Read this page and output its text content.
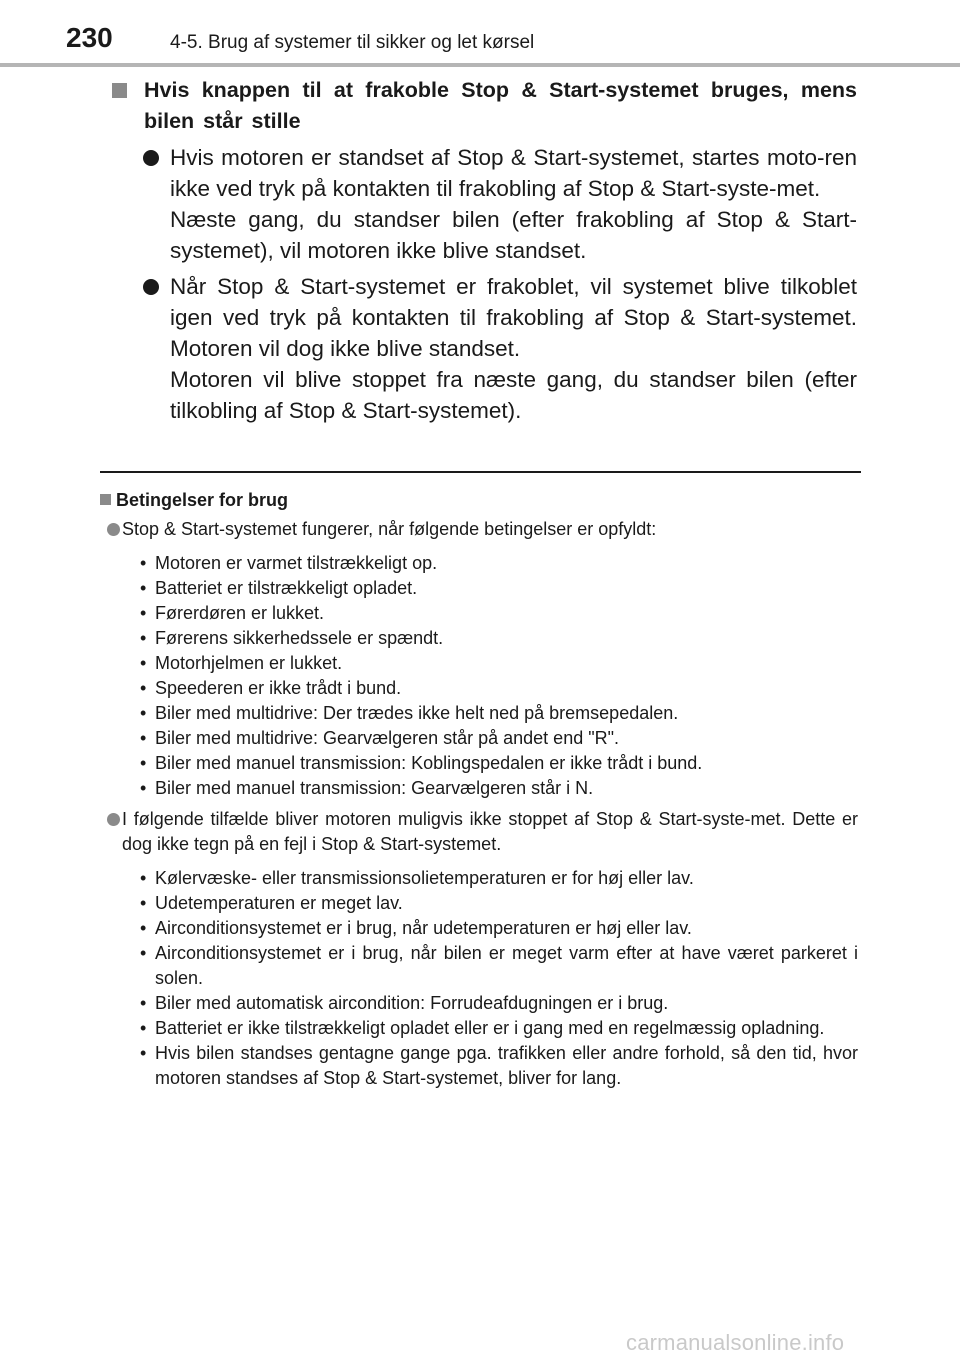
230	4-5. Brug af systemer til sikker og let kørsel
Hvis knappen til at frakoble Stop & Start-systemet bruges, mens bilen står stille

Hvis motoren er standset af Stop & Start-systemet, startes moto-ren ikke ved tryk på kontakten til frakobling af Stop & Start-syste-met.

Næste gang, du standser bilen (efter frakobling af Stop & Start-systemet), vil motoren ikke blive standset.

Når Stop & Start-systemet er frakoblet, vil systemet blive tilkoblet igen ved tryk på kontakten til frakobling af Stop & Start-systemet. Motoren vil dog ikke blive standset.

Motoren vil blive stoppet fra næste gang, du standser bilen (efter tilkobling af Stop & Start-systemet).

Betingelser for brug

Stop & Start-systemet fungerer, når følgende betingelser er opfyldt:

• Motoren er varmet tilstrækkeligt op.
• Batteriet er tilstrækkeligt opladet.
• Førerdøren er lukket.
• Førerens sikkerhedssele er spændt.
• Motorhjelmen er lukket.
• Speederen er ikke trådt i bund.
• Biler med multidrive: Der trædes ikke helt ned på bremsepedalen.
• Biler med multidrive: Gearvælgeren står på andet end "R".
• Biler med manuel transmission: Koblingspedalen er ikke trådt i bund.
• Biler med manuel transmission: Gearvælgeren står i N.

I følgende tilfælde bliver motoren muligvis ikke stoppet af Stop & Start-syste-met. Dette er dog ikke tegn på en fejl i Stop & Start-systemet.

• Kølervæske- eller transmissionsolietemperaturen er for høj eller lav.
• Udetemperaturen er meget lav.
• Airconditionsystemet er i brug, når udetemperaturen er høj eller lav.
• Airconditionsystemet er i brug, når bilen er meget varm efter at have været parkeret i solen.
• Biler med automatisk aircondition: Forrudeafdugningen er i brug.
• Batteriet er ikke tilstrækkeligt opladet eller er i gang med en regelmæssig opladning.
• Hvis bilen standses gentagne gange pga. trafikken eller andre forhold, så den tid, hvor motoren standses af Stop & Start-systemet, bliver for lang.
carmanualsonline.info
